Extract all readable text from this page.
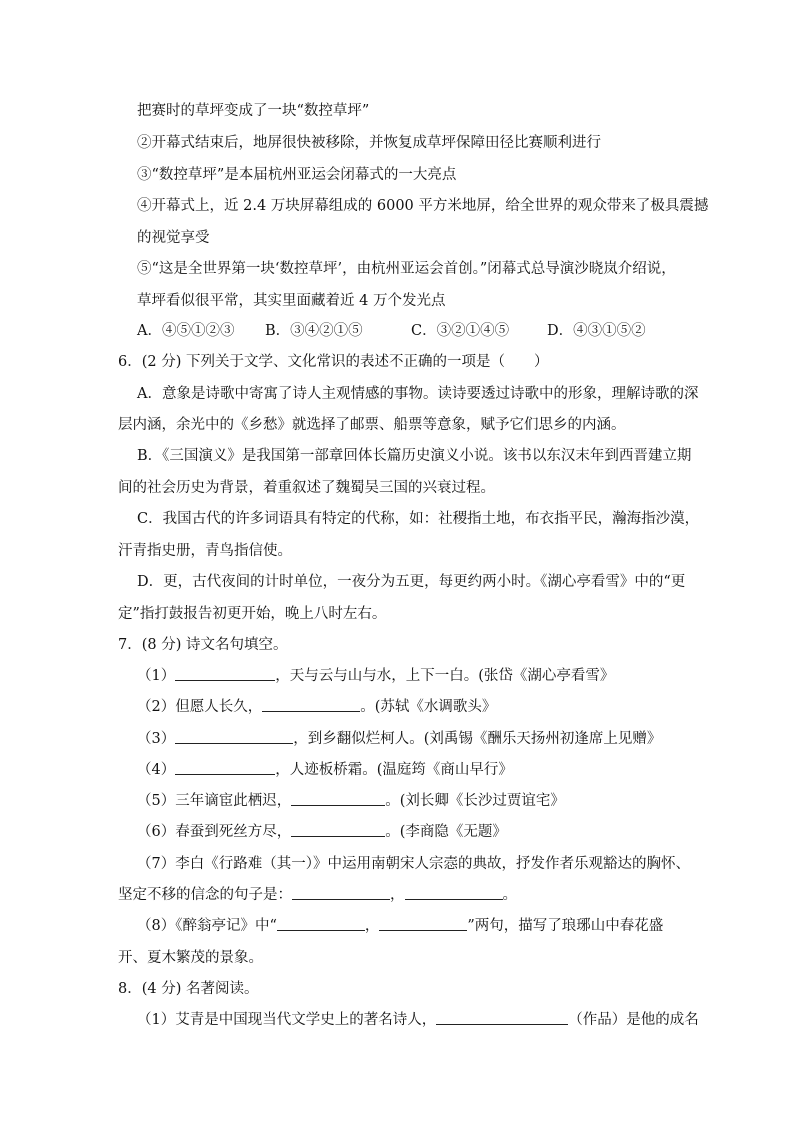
把赛时的草坪变成了一块“数控草坪”
②开幕式结束后，地屏很快被移除，并恢复成草坪保障田径比赛顺利进行
③“数控草坪”是本届杭州亚运会闭幕式的一大亮点
④开幕式上，近 2.4 万块屏幕组成的 6000 平方米地屏，给全世界的观众带来了极具震撼
的视觉享受
⑤“这是全世界第一块‘数控草坪’，由杭州亚运会首创。”闭幕式总导演沙晓岚介绍说，
草坪看似很平常，其实里面藏着近 4 万个发光点
A．④⑤①②③ B．③④②①⑤	C．③②①④⑤	D．④③①⑤②
6．(2 分) 下列关于文学、文化常识的表述不正确的一项是（　　）
A．意象是诗歌中寄寓了诗人主观情感的事物。读诗要透过诗歌中的形象，理解诗歌的深
层内涵，余光中的《乡愁》就选择了邮票、船票等意象，赋予它们思乡的内涵。
B．《三国演义》是我国第一部章回体长篇历史演义小说。该书以东汉末年到西晋建立期
间的社会历史为背景，着重叙述了魏蜀吴三国的兴衰过程。
C．我国古代的许多词语具有特定的代称，如：社稷指土地，布衣指平民，瀚海指沙漠，
汗青指史册，青鸟指信使。
D．更，古代夜间的计时单位，一夜分为五更，每更约两小时。《湖心亭看雪》中的“更
定”指打鼓报告初更开始，晚上八时左右。
7．(8 分) 诗文名句填空。
（1）	，天与云与山与水，上下一白。(张岱《湖心亭看雪》
（2）但愿人长久，	。(苏轼《水调歌头》
（3）	，到乡翻似烂柯人。(刘禹锡《酬乐天扬州初逢席上见赠》
（4）	，人迹板桥霜。(温庭筠《商山早行》
（5）三年谪宦此栖迟，	。(刘长卿《长沙过贾谊宅》
（6）春蚕到死丝方尽，	。(李商隐《无题》
（7）李白《行路难（其一）》中运用南朝宋人宗悫的典故，抒发作者乐观豁达的胸怀、
坚定不移的信念的句子是：	，	。
（8）《醉翁亭记》中“	，	”两句，描写了琅琊山中春花盛
开、夏木繁茂的景象。
8．(4 分) 名著阅读。
（1）艾青是中国现当代文学史上的著名诗人，	（作品）是他的成名
